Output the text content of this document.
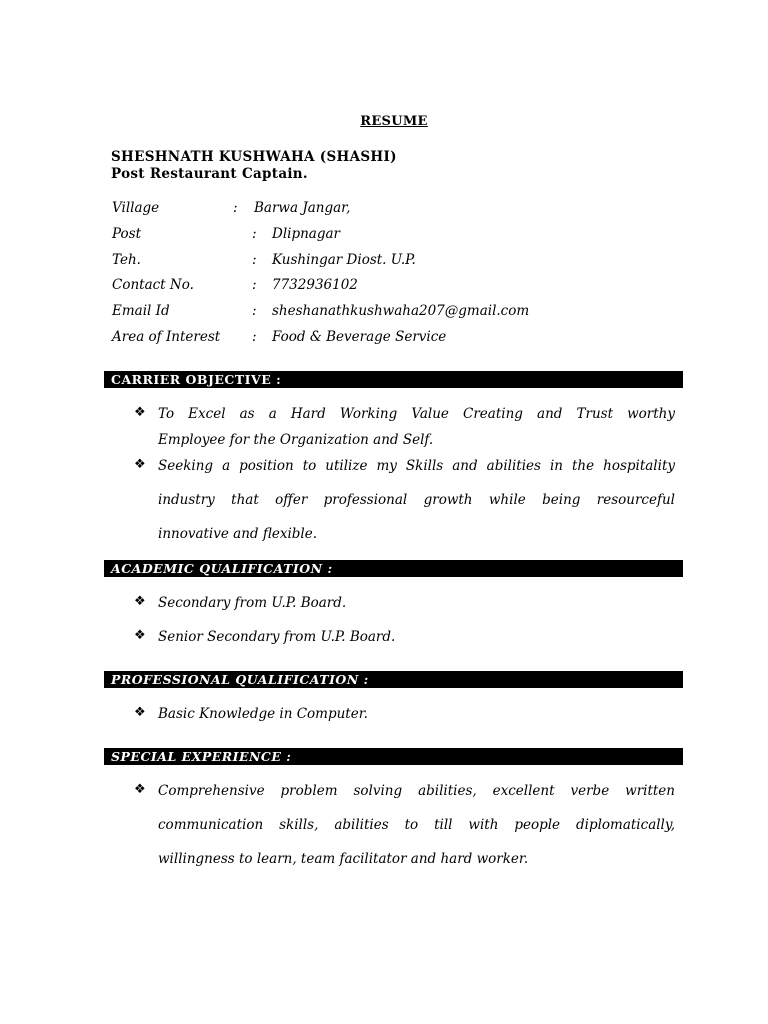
RESUME
SHESHNATH KUSHWAHA (SHASHI)
Post Restaurant Captain.
Village	: Barwa Jangar,
Post	: Dlipnagar
Teh.	: Kushingar Diost. U.P.
Contact No.	: 7732936102
Email Id	: sheshanathkushwaha207@gmail.com
Area of Interest : Food & Beverage Service
CARRIER OBJECTIVE :
❖ To Excel as a Hard Working Value Creating and Trust worthy
Employee for the Organization and Self.
❖ Seeking a position to utilize my Skills and abilities in the hospitality
industry that offer professional growth while being resourceful
innovative and flexible.
ACADEMIC QUALIFICATION :
❖ Secondary from U.P. Board.
❖ Senior Secondary from U.P. Board.
PROFESSIONAL QUALIFICATION :
❖ Basic Knowledge in Computer.
SPECIAL EXPERIENCE :
❖ Comprehensive problem solving abilities, excellent verbe written
communication skills, abilities to till with people diplomatically,
willingness to learn, team facilitator and hard worker.
